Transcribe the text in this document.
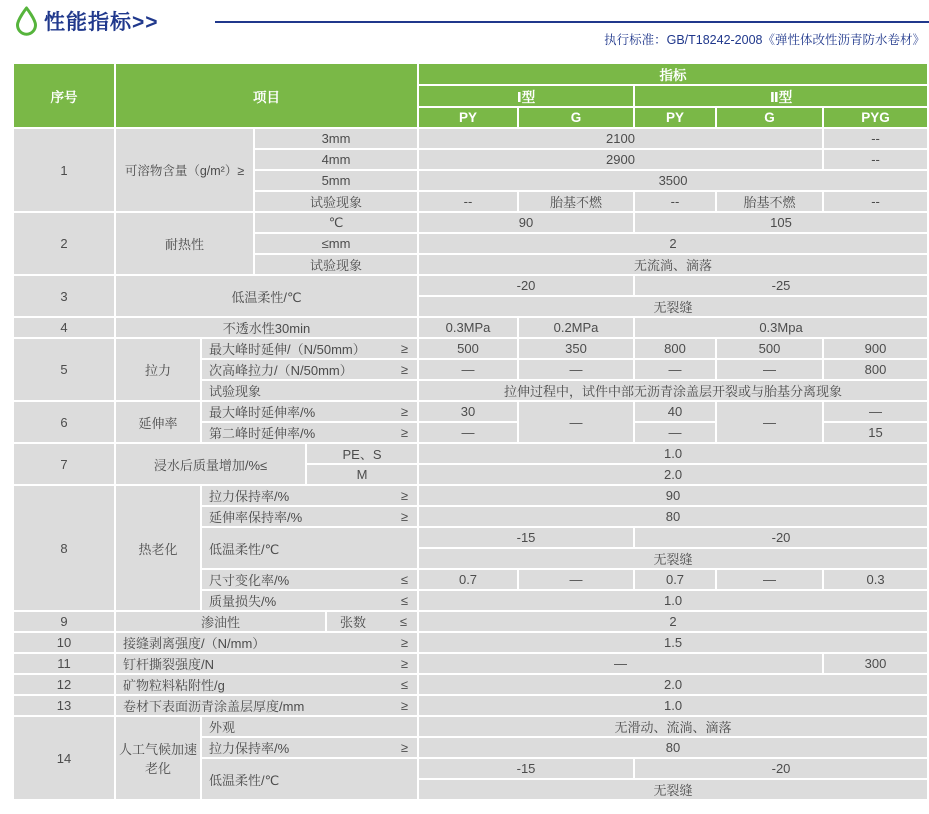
性能指标>>
执行标准：GB/T18242-2008《弹性体改性沥青防水卷材》
序号	项目					指标				
						Ⅰ型		Ⅱ型		
						PY	G	PY	G	PYG
1	可溶物含量（g/m²）≥		3mm			2100				--
			4mm			2900				--
			5mm			3500				
			试验现象			--	胎基不燃	--	胎基不燃	--
2	耐热性		℃			90		105		
			≤mm			2				
			试验现象			无流淌、滴落				
3	低温柔性/℃					-20		-25		
						无裂缝				
4	不透水性30min					0.3MPa	0.2MPa	0.3Mpa		
5	拉力	最大峰时延伸/（N/50mm） ≥				500	350	800	500	900

		次高峰拉力/（N/50mm） ≥				—	—	—	—	800
		试验现象				拉伸过程中，试件中部无沥青涂盖层开裂或与胎基分离现象				
6	延伸率	最大峰时延伸率/% ≥				30	—	40	—	—

		第二峰时延伸率/% ≥				—		—		15
7	浸水后质量增加/%≤			PE、S		1.0				
				M		2.0				
8	热老化	拉力保持率/% ≥				90				

		延伸率保持率/% ≥				80				
		低温柔性/℃				-15		-20		
						无裂缝				

		尺寸变化率/% ≤				0.7	—	0.7	—	0.3

		质量损失/% ≤				1.0				
9	渗油性				张数 ≤	2				
10	接缝剥离强度/（N/mm） ≥					1.5				
11	钉杆撕裂强度/N ≥					—				300
12	矿物粒料粘附性/g ≤					2.0				
13	卷材下表面沥青涂盖层厚度/mm ≥					1.0				
14	人工气候加速老化	外观				无滑动、流淌、滴落				

		拉力保持率/% ≥				80				
		低温柔性/℃				-15		-20		
						无裂缝				
